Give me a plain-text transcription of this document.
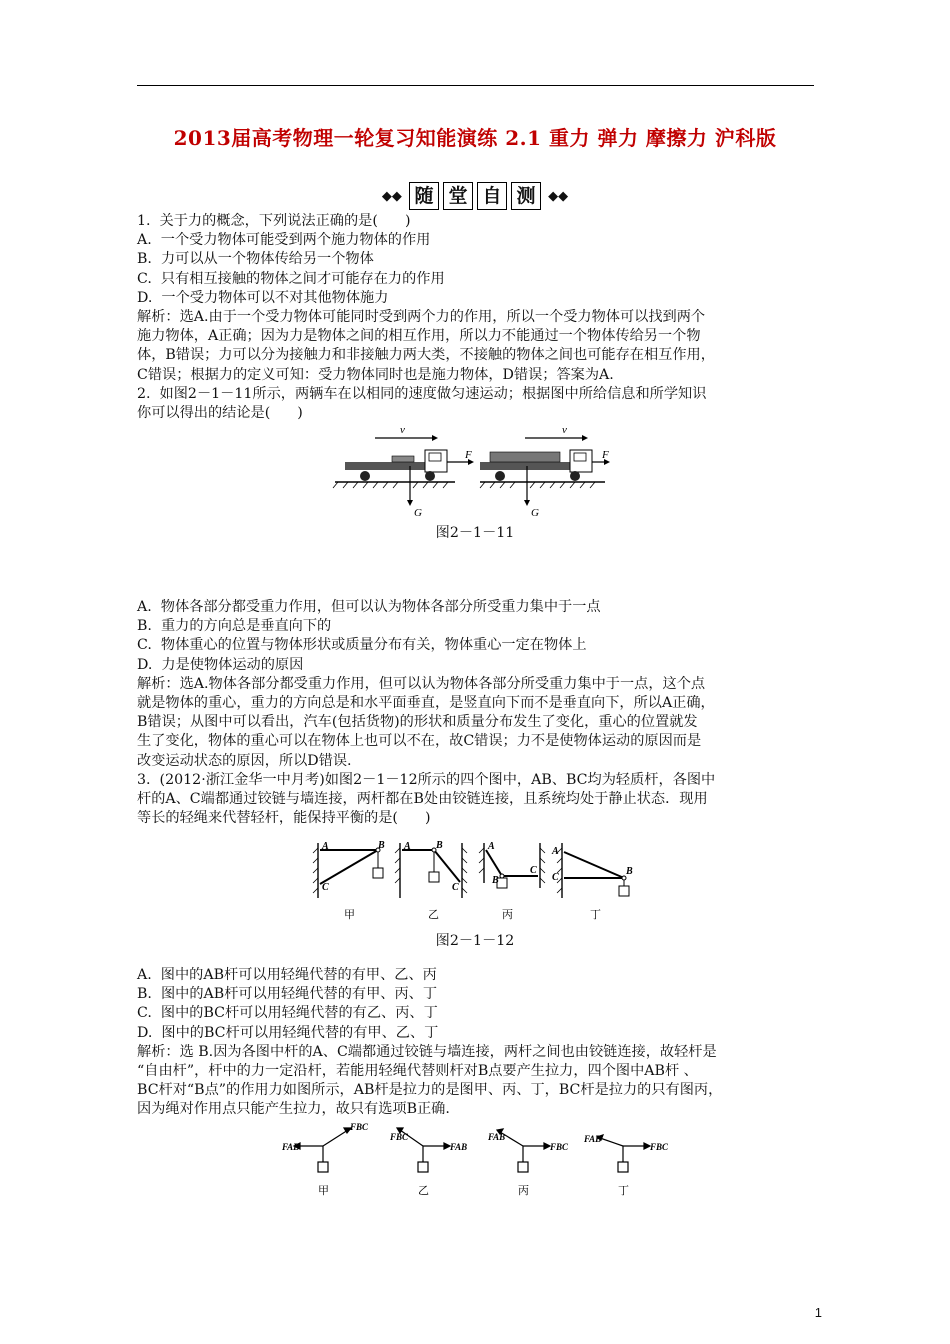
2013届高考物理一轮复习知能演练 2.1 重力 弹力 摩擦力 沪科版
◆◆ 随 堂 自 测 ◆◆

1.  关于力的概念，下列说法正确的是(      )

A.  一个受力物体可能受到两个施力物体的作用

B.  力可以从一个物体传给另一个物体

C.  只有相互接触的物体之间才可能存在力的作用

D.  一个受力物体可以不对其他物体施力

解析：选A.由于一个受力物体可能同时受到两个力的作用，所以一个受力物体可以找到两个

施力物体，A正确；因为力是物体之间的相互作用，所以力不能通过一个物体传给另一个物

体，B错误；力可以分为接触力和非接触力两大类，不接触的物体之间也可能存在相互作用，

C错误；根据力的定义可知：受力物体同时也是施力物体，D错误；答案为A.

2.  如图2－1－11所示，两辆车在以相同的速度做匀速运动；根据图中所给信息和所学知识

你可以得出的结论是(      )

v	v
F
G
F
G
图2－1－11

A.  物体各部分都受重力作用，但可以认为物体各部分所受重力集中于一点

B.  重力的方向总是垂直向下的

C.  物体重心的位置与物体形状或质量分布有关，物体重心一定在物体上

D.  力是使物体运动的原因

解析：选A.物体各部分都受重力作用，但可以认为物体各部分所受重力集中于一点，这个点

就是物体的重心，重力的方向总是和水平面垂直，是竖直向下而不是垂直向下，所以A正确，

B错误；从图中可以看出，汽车(包括货物)的形状和质量分布发生了变化，重心的位置就发

生了变化，物体的重心可以在物体上也可以不在，故C错误；力不是使物体运动的原因而是

改变运动状态的原因，所以D错误.

3.  (2012·浙江金华一中月考)如图2－1－12所示的四个图中，AB、BC均为轻质杆，各图中

杆的A、C端都通过铰链与墙连接，两杆都在B处由铰链连接，且系统均处于静止状态．现用

等长的轻绳来代替轻杆，能保持平衡的是(      )

A	B
C
A	B
C
A
B
C
A
B
C
甲	乙	丙	丁
图2－1－12

A.  图中的AB杆可以用轻绳代替的有甲、乙、丙

B.  图中的AB杆可以用轻绳代替的有甲、丙、丁

C.  图中的BC杆可以用轻绳代替的有乙、丙、丁

D.  图中的BC杆可以用轻绳代替的有甲、乙、丁

解析：选 B.因为各图中杆的A、C端都通过铰链与墙连接，两杆之间也由铰链连接，故轻杆是

“自由杆”，杆中的力一定沿杆，若能用轻绳代替则杆对B点要产生拉力，四个图中AB杆 、

BC杆对“B点”的作用力如图所示，AB杆是拉力的是图甲、丙、丁，BC杆是拉力的只有图丙，

因为绳对作用点只能产生拉力，故只有选项B正确.

FAB
FBC
FBC
FAB
FAB
FBC
FAB
FBC
甲	乙	丙	丁
1
